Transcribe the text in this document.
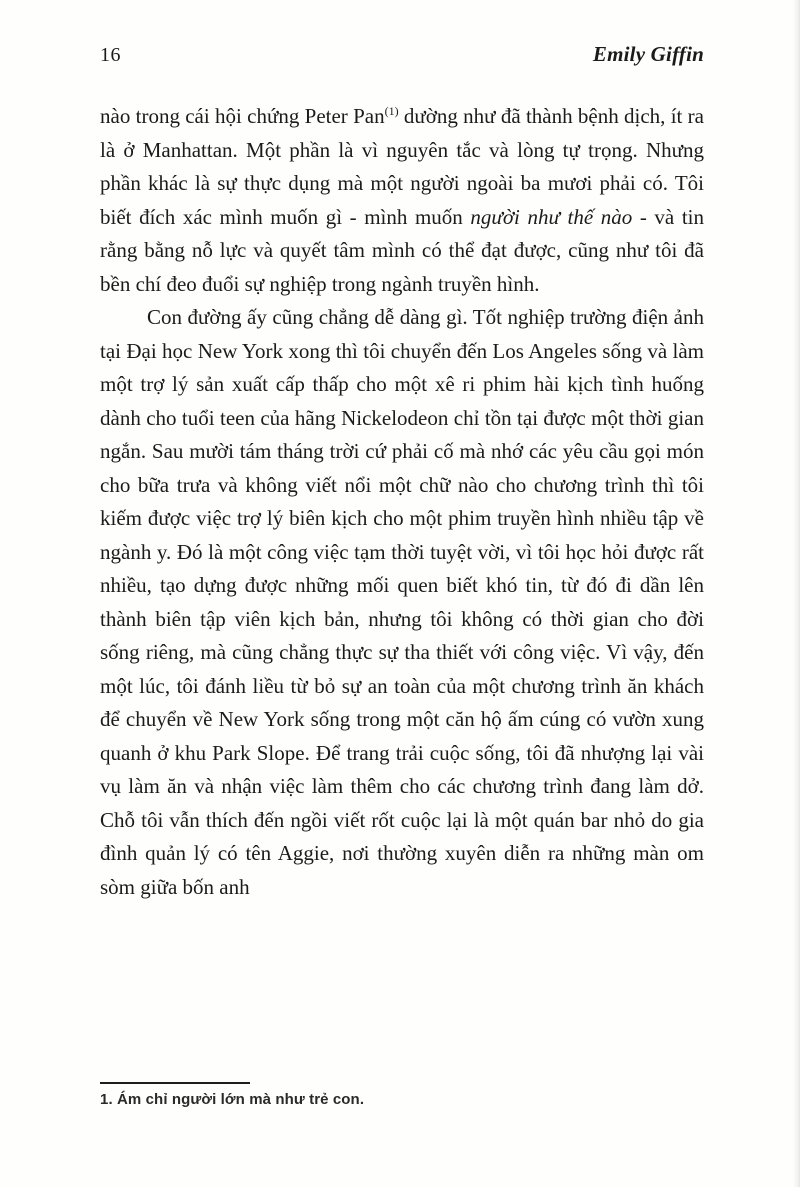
16	Emily Giffin

nào trong cái hội chứng Peter Pan$^{(1)}$ dường như đã thành bệnh dịch, ít ra là ở Manhattan. Một phần là vì nguyên tắc và lòng tự trọng. Nhưng phần khác là sự thực dụng mà một người ngoài ba mươi phải có. Tôi biết đích xác mình muốn gì - mình muốn người như thế nào - và tin rằng bằng nỗ lực và quyết tâm mình có thể đạt được, cũng như tôi đã bền chí đeo đuổi sự nghiệp trong ngành truyền hình.

Con đường ấy cũng chẳng dễ dàng gì. Tốt nghiệp trường điện ảnh tại Đại học New York xong thì tôi chuyển đến Los Angeles sống và làm một trợ lý sản xuất cấp thấp cho một xê ri phim hài kịch tình huống dành cho tuổi teen của hãng Nickelodeon chỉ tồn tại được một thời gian ngắn. Sau mười tám tháng trời cứ phải cố mà nhớ các yêu cầu gọi món cho bữa trưa và không viết nổi một chữ nào cho chương trình thì tôi kiếm được việc trợ lý biên kịch cho một phim truyền hình nhiều tập về ngành y. Đó là một công việc tạm thời tuyệt vời, vì tôi học hỏi được rất nhiều, tạo dựng được những mối quen biết khó tin, từ đó đi dần lên thành biên tập viên kịch bản, nhưng tôi không có thời gian cho đời sống riêng, mà cũng chẳng thực sự tha thiết với công việc. Vì vậy, đến một lúc, tôi đánh liều từ bỏ sự an toàn của một chương trình ăn khách để chuyển về New York sống trong một căn hộ ấm cúng có vườn xung quanh ở khu Park Slope. Để trang trải cuộc sống, tôi đã nhượng lại vài vụ làm ăn và nhận việc làm thêm cho các chương trình đang làm dở. Chỗ tôi vẫn thích đến ngồi viết rốt cuộc lại là một quán bar nhỏ do gia đình quản lý có tên Aggie, nơi thường xuyên diễn ra những màn om sòm giữa bốn anh

1. Ám chỉ người lớn mà như trẻ con.
